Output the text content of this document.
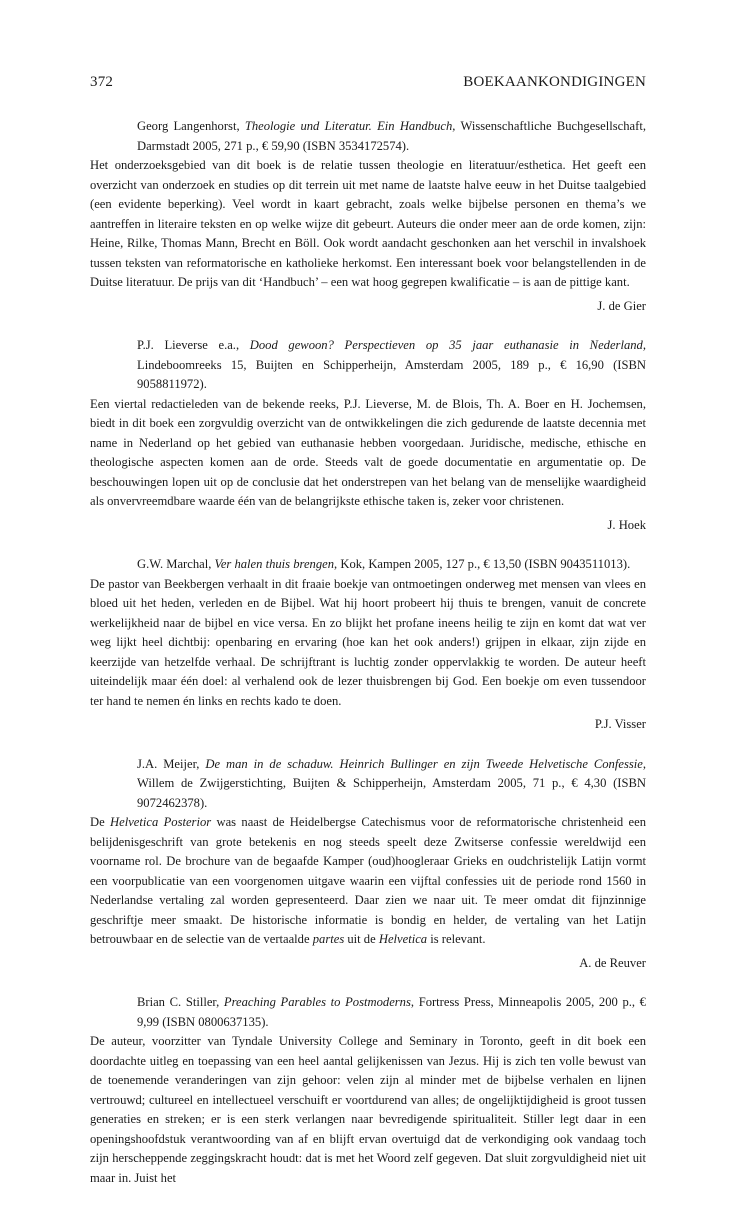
372	BOEKAANKONDIGINGEN
Georg Langenhorst, Theologie und Literatur. Ein Handbuch, Wissenschaftliche Buchgesellschaft, Darmstadt 2005, 271 p., € 59,90 (ISBN 3534172574).

Het onderzoeksgebied van dit boek is de relatie tussen theologie en literatuur/esthetica. Het geeft een overzicht van onderzoek en studies op dit terrein uit met name de laatste halve eeuw in het Duitse taalgebied (een evidente beperking). Veel wordt in kaart gebracht, zoals welke bijbelse personen en thema’s we aantreffen in literaire teksten en op welke wijze dit gebeurt. Auteurs die onder meer aan de orde komen, zijn: Heine, Rilke, Thomas Mann, Brecht en Böll. Ook wordt aandacht geschonken aan het verschil in invalshoek tussen teksten van reformatorische en katholieke herkomst. Een interessant boek voor belangstellenden in de Duitse literatuur. De prijs van dit ‘Handbuch’ – een wat hoog gegrepen kwalificatie – is aan de pittige kant.

J. de Gier
P.J. Lieverse e.a., Dood gewoon? Perspectieven op 35 jaar euthanasie in Nederland, Lindeboomreeks 15, Buijten en Schipperheijn, Amsterdam 2005, 189 p., € 16,90 (ISBN 9058811972).

Een viertal redactieleden van de bekende reeks, P.J. Lieverse, M. de Blois, Th. A. Boer en H. Jochemsen, biedt in dit boek een zorgvuldig overzicht van de ontwikkelingen die zich gedurende de laatste decennia met name in Nederland op het gebied van euthanasie hebben voorgedaan. Juridische, medische, ethische en theologische aspecten komen aan de orde. Steeds valt de goede documentatie en argumentatie op. De beschouwingen lopen uit op de conclusie dat het onderstrepen van het belang van de menselijke waardigheid als onvervreemdbare waarde één van de belangrijkste ethische taken is, zeker voor christenen.

J. Hoek
G.W. Marchal, Ver halen thuis brengen, Kok, Kampen 2005, 127 p., € 13,50 (ISBN 9043511013).

De pastor van Beekbergen verhaalt in dit fraaie boekje van ontmoetingen onderweg met mensen van vlees en bloed uit het heden, verleden en de Bijbel. Wat hij hoort probeert hij thuis te brengen, vanuit de concrete werkelijkheid naar de bijbel en vice versa. En zo blijkt het profane ineens heilig te zijn en komt dat wat ver weg lijkt heel dichtbij: openbaring en ervaring (hoe kan het ook anders!) grijpen in elkaar, zijn zijde en keerzijde van hetzelfde verhaal. De schrijftrant is luchtig zonder oppervlakkig te worden. De auteur heeft uiteindelijk maar één doel: al verhalend ook de lezer thuisbrengen bij God. Een boekje om even tussendoor ter hand te nemen én links en rechts kado te doen.

P.J. Visser
J.A. Meijer, De man in de schaduw. Heinrich Bullinger en zijn Tweede Helvetische Confessie, Willem de Zwijgerstichting, Buijten & Schipperheijn, Amsterdam 2005, 71 p., € 4,30 (ISBN 9072462378).

De Helvetica Posterior was naast de Heidelbergse Catechismus voor de reformatorische christenheid een belijdenisgeschrift van grote betekenis en nog steeds speelt deze Zwitserse confessie wereldwijd een voorname rol. De brochure van de begaafde Kamper (oud)hoogleraar Grieks en oudchristelijk Latijn vormt een voorpublicatie van een voorgenomen uitgave waarin een vijftal confessies uit de periode rond 1560 in Nederlandse vertaling zal worden gepresenteerd. Daar zien we naar uit. Te meer omdat dit fijnzinnige geschriftje meer smaakt. De historische informatie is bondig en helder, de vertaling van het Latijn betrouwbaar en de selectie van de vertaalde partes uit de Helvetica is relevant.

A. de Reuver
Brian C. Stiller, Preaching Parables to Postmoderns, Fortress Press, Minneapolis 2005, 200 p., € 9,99 (ISBN 0800637135).

De auteur, voorzitter van Tyndale University College and Seminary in Toronto, geeft in dit boek een doordachte uitleg en toepassing van een heel aantal gelijkenissen van Jezus. Hij is zich ten volle bewust van de toenemende veranderingen van zijn gehoor: velen zijn al minder met de bijbelse verhalen en lijnen vertrouwd; cultureel en intellectueel verschuift er voortdurend van alles; de ongelijktijdigheid is groot tussen generaties en streken; er is een sterk verlangen naar bevredigende spiritualiteit. Stiller legt daar in een openingshoofdstuk verantwoording van af en blijft ervan overtuigd dat de verkondiging ook vandaag toch zijn herscheppende zeggingskracht houdt: dat is met het Woord zelf gegeven. Dat sluit zorgvuldigheid niet uit maar in. Juist het
